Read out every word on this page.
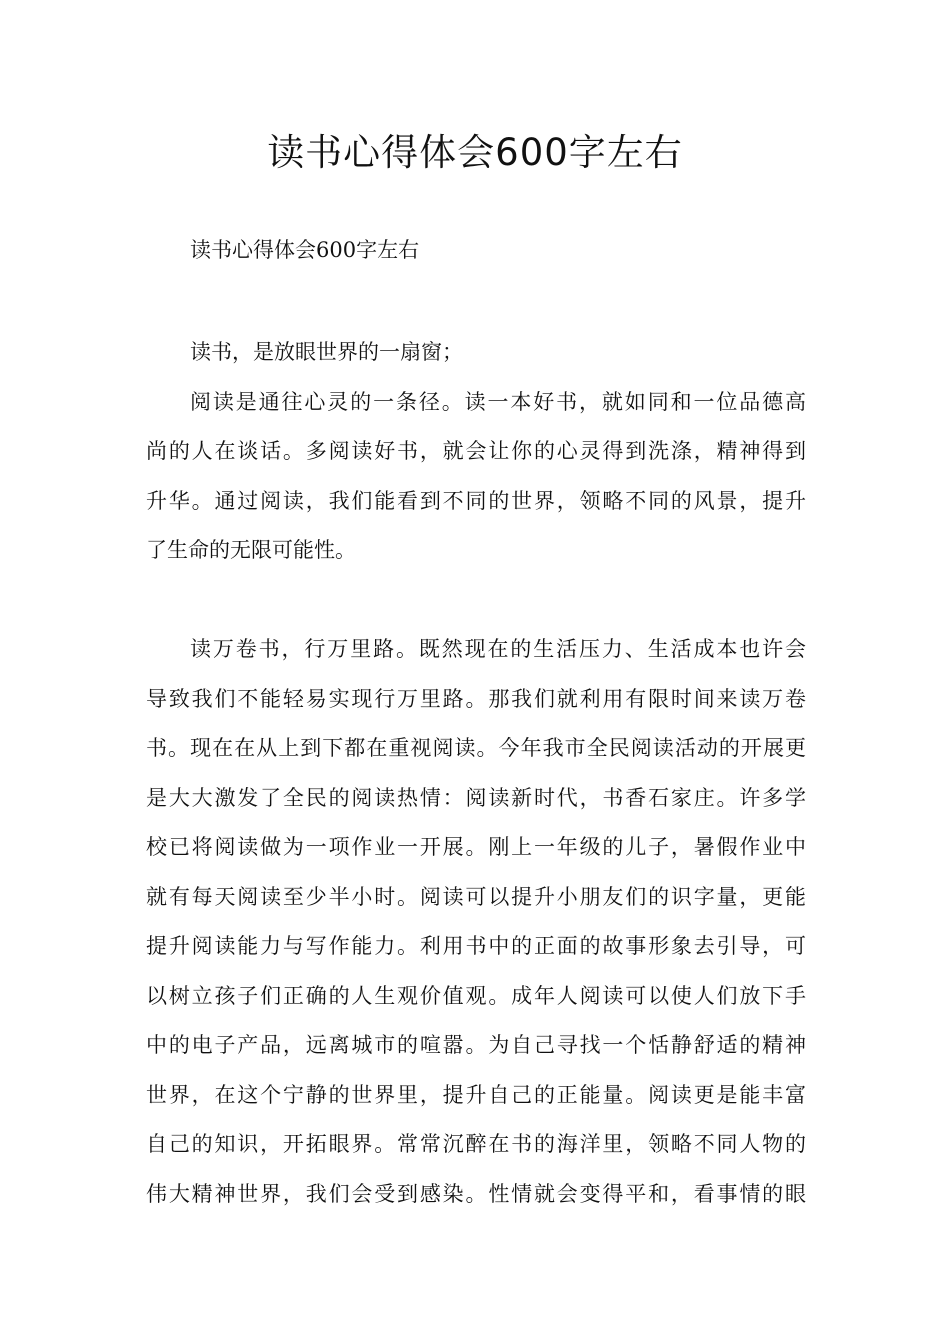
读书心得体会600字左右
读书心得体会600字左右
读书，是放眼世界的一扇窗；
阅读是通往心灵的一条径。读一本好书，就如同和一位品德高
尚的人在谈话。多阅读好书，就会让你的心灵得到洗涤，精神得到
升华。通过阅读，我们能看到不同的世界，领略不同的风景，提升
了生命的无限可能性。
读万卷书，行万里路。既然现在的生活压力、生活成本也许会
导致我们不能轻易实现行万里路。那我们就利用有限时间来读万卷
书。现在在从上到下都在重视阅读。今年我市全民阅读活动的开展更
是大大激发了全民的阅读热情：阅读新时代，书香石家庄。许多学
校已将阅读做为一项作业一开展。刚上一年级的儿子，暑假作业中
就有每天阅读至少半小时。阅读可以提升小朋友们的识字量，更能
提升阅读能力与写作能力。利用书中的正面的故事形象去引导，可
以树立孩子们正确的人生观价值观。成年人阅读可以使人们放下手
中的电子产品，远离城市的喧嚣。为自己寻找一个恬静舒适的精神
世界，在这个宁静的世界里，提升自己的正能量。阅读更是能丰富
自己的知识，开拓眼界。常常沉醉在书的海洋里，领略不同人物的
伟大精神世界，我们会受到感染。性情就会变得平和，看事情的眼
